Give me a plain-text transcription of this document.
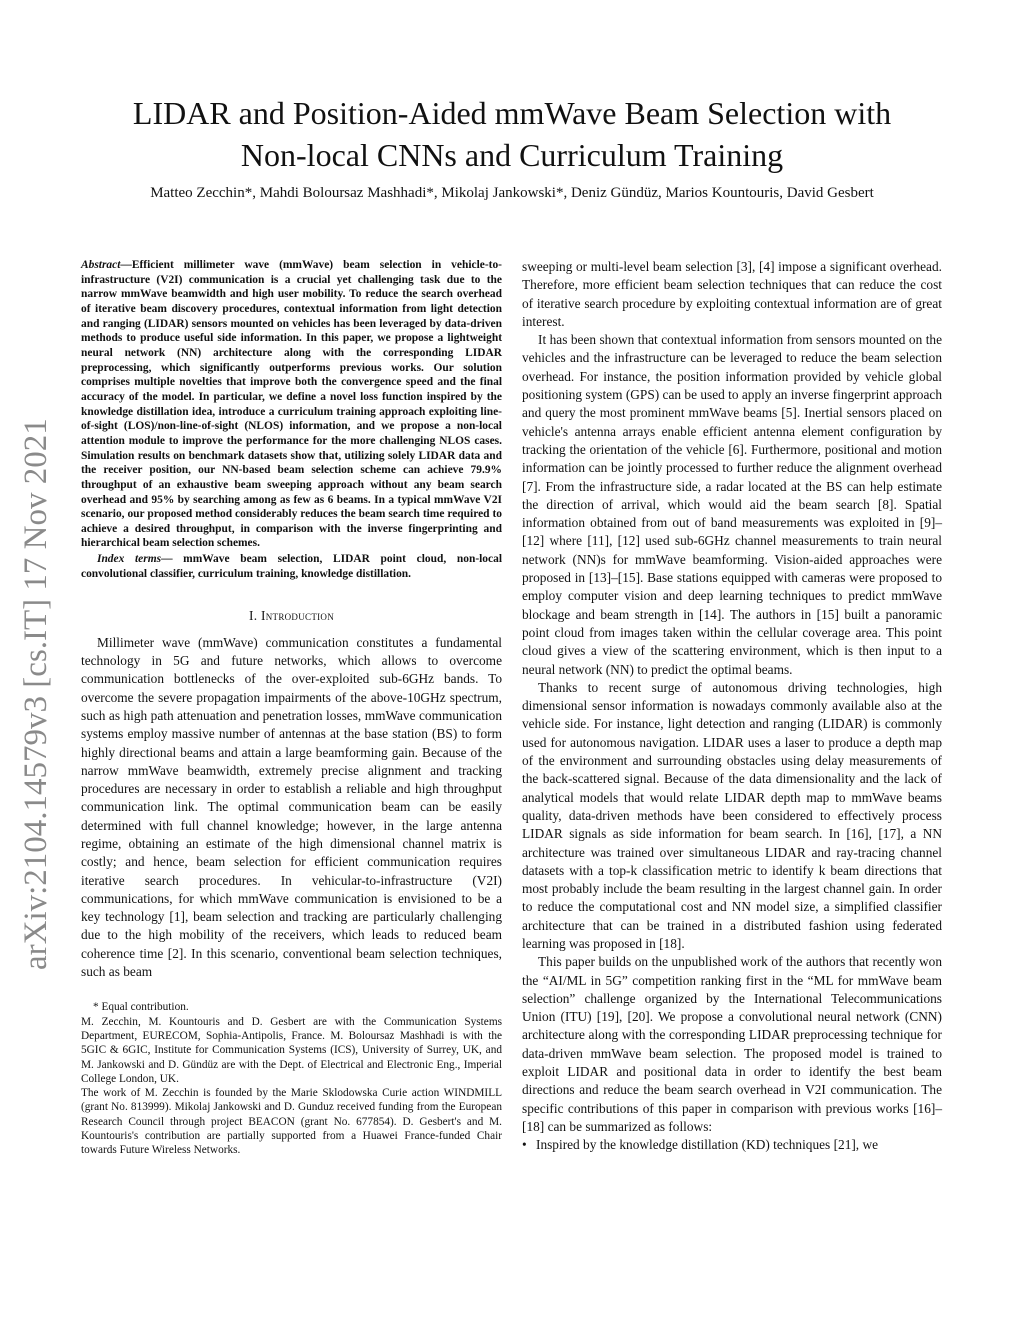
arXiv:2104.14579v3 [cs.IT] 17 Nov 2021
LIDAR and Position-Aided mmWave Beam Selection with
Non-local CNNs and Curriculum Training
Matteo Zecchin*, Mahdi Boloursaz Mashhadi*, Mikolaj Jankowski*, Deniz Gündüz, Marios Kountouris, David Gesbert

Abstract—Efficient millimeter wave (mmWave) beam selection in vehicle-to-infrastructure (V2I) communication is a crucial yet challenging task due to the narrow mmWave beamwidth and high user mobility. To reduce the search overhead of iterative beam discovery procedures, contextual information from light detection and ranging (LIDAR) sensors mounted on vehicles has been leveraged by data-driven methods to produce useful side information. In this paper, we propose a lightweight neural network (NN) architecture along with the corresponding LIDAR preprocessing, which significantly outperforms previous works. Our solution comprises multiple novelties that improve both the convergence speed and the final accuracy of the model. In particular, we define a novel loss function inspired by the knowledge distillation idea, introduce a curriculum training approach exploiting line-of-sight (LOS)/non-line-of-sight (NLOS) information, and we propose a non-local attention module to improve the performance for the more challenging NLOS cases. Simulation results on benchmark datasets show that, utilizing solely LIDAR data and the receiver position, our NN-based beam selection scheme can achieve 79.9% throughput of an exhaustive beam sweeping approach without any beam search overhead and 95% by searching among as few as 6 beams. In a typical mmWave V2I scenario, our proposed method considerably reduces the beam search time required to achieve a desired throughput, in comparison with the inverse fingerprinting and hierarchical beam selection schemes.

Index terms— mmWave beam selection, LIDAR point cloud, non-local convolutional classifier, curriculum training, knowledge distillation.

I. Introduction

Millimeter wave (mmWave) communication constitutes a fundamental technology in 5G and future networks, which allows to overcome communication bottlenecks of the over-exploited sub-6GHz bands. To overcome the severe propagation impairments of the above-10GHz spectrum, such as high path attenuation and penetration losses, mmWave communication systems employ massive number of antennas at the base station (BS) to form highly directional beams and attain a large beamforming gain. Because of the narrow mmWave beamwidth, extremely precise alignment and tracking procedures are necessary in order to establish a reliable and high throughput communication link. The optimal communication beam can be easily determined with full channel knowledge; however, in the large antenna regime, obtaining an estimate of the high dimensional channel matrix is costly; and hence, beam selection for efficient communication requires iterative search procedures. In vehicular-to-infrastructure (V2I) communications, for which mmWave communication is envisioned to be a key technology [1], beam selection and tracking are particularly challenging due to the high mobility of the receivers, which leads to reduced beam coherence time [2]. In this scenario, conventional beam selection techniques, such as beam

* Equal contribution.

M. Zecchin, M. Kountouris and D. Gesbert are with the Communication Systems Department, EURECOM, Sophia-Antipolis, France. M. Boloursaz Mashhadi is with the 5GIC & 6GIC, Institute for Communication Systems (ICS), University of Surrey, UK, and M. Jankowski and D. Gündüz are with the Dept. of Electrical and Electronic Eng., Imperial College London, UK.

The work of M. Zecchin is founded by the Marie Sklodowska Curie action WINDMILL (grant No. 813999). Mikolaj Jankowski and D. Gunduz received funding from the European Research Council through project BEACON (grant No. 677854). D. Gesbert's and M. Kountouris's contribution are partially supported from a Huawei France-funded Chair towards Future Wireless Networks.

sweeping or multi-level beam selection [3], [4] impose a significant overhead. Therefore, more efficient beam selection techniques that can reduce the cost of iterative search procedure by exploiting contextual information are of great interest.

It has been shown that contextual information from sensors mounted on the vehicles and the infrastructure can be leveraged to reduce the beam selection overhead. For instance, the position information provided by vehicle global positioning system (GPS) can be used to apply an inverse fingerprint approach and query the most prominent mmWave beams [5]. Inertial sensors placed on vehicle's antenna arrays enable efficient antenna element configuration by tracking the orientation of the vehicle [6]. Furthermore, positional and motion information can be jointly processed to further reduce the alignment overhead [7]. From the infrastructure side, a radar located at the BS can help estimate the direction of arrival, which would aid the beam search [8]. Spatial information obtained from out of band measurements was exploited in [9]–[12] where [11], [12] used sub-6GHz channel measurements to train neural network (NN)s for mmWave beamforming. Vision-aided approaches were proposed in [13]–[15]. Base stations equipped with cameras were proposed to employ computer vision and deep learning techniques to predict mmWave blockage and beam strength in [14]. The authors in [15] built a panoramic point cloud from images taken within the cellular coverage area. This point cloud gives a view of the scattering environment, which is then input to a neural network (NN) to predict the optimal beams.

Thanks to recent surge of autonomous driving technologies, high dimensional sensor information is nowadays commonly available also at the vehicle side. For instance, light detection and ranging (LIDAR) is commonly used for autonomous navigation. LIDAR uses a laser to produce a depth map of the environment and surrounding obstacles using delay measurements of the back-scattered signal. Because of the data dimensionality and the lack of analytical models that would relate LIDAR depth map to mmWave beams quality, data-driven methods have been considered to effectively process LIDAR signals as side information for beam search. In [16], [17], a NN architecture was trained over simultaneous LIDAR and ray-tracing channel datasets with a top-k classification metric to identify k beam directions that most probably include the beam resulting in the largest channel gain. In order to reduce the computational cost and NN model size, a simplified classifier architecture that can be trained in a distributed fashion using federated learning was proposed in [18].

This paper builds on the unpublished work of the authors that recently won the “AI/ML in 5G” competition ranking first in the “ML for mmWave beam selection” challenge organized by the International Telecommunications Union (ITU) [19], [20]. We propose a convolutional neural network (CNN) architecture along with the corresponding LIDAR preprocessing technique for data-driven mmWave beam selection. The proposed model is trained to exploit LIDAR and positional data in order to identify the best beam directions and reduce the beam search overhead in V2I communication. The specific contributions of this paper in comparison with previous works [16]–[18] can be summarized as follows:

• Inspired by the knowledge distillation (KD) techniques [21], we
